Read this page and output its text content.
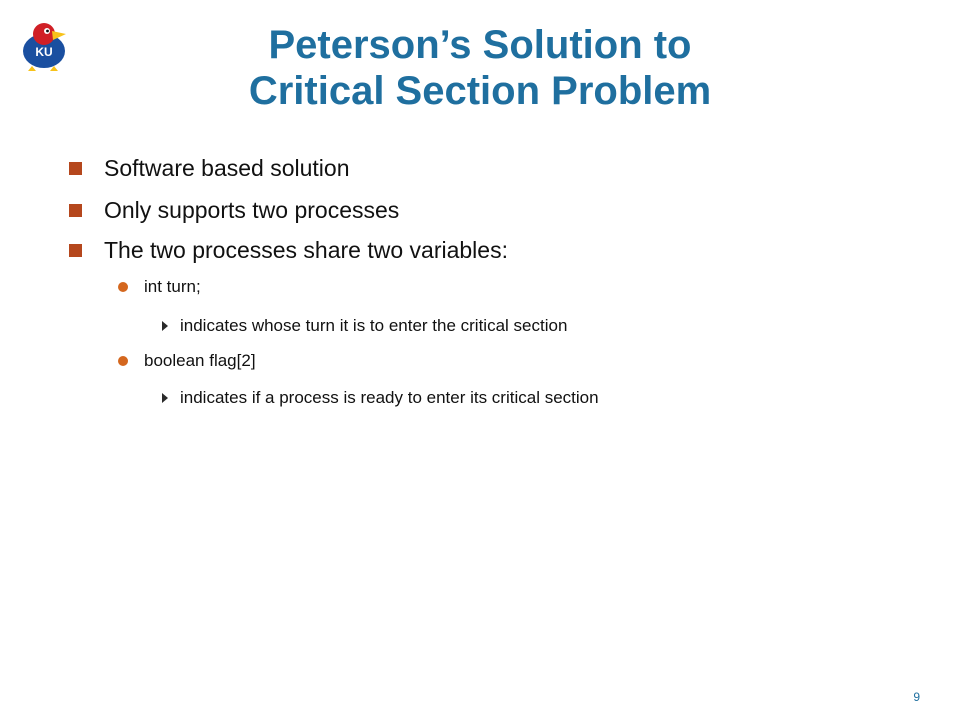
KU	Peterson’s Solution to
Critical Section Problem
Software based solution
Only supports two processes
The two processes share two variables:
int turn;
indicates whose turn it is to enter the critical section
boolean flag[2]
indicates if a process is ready to enter its critical section
9
